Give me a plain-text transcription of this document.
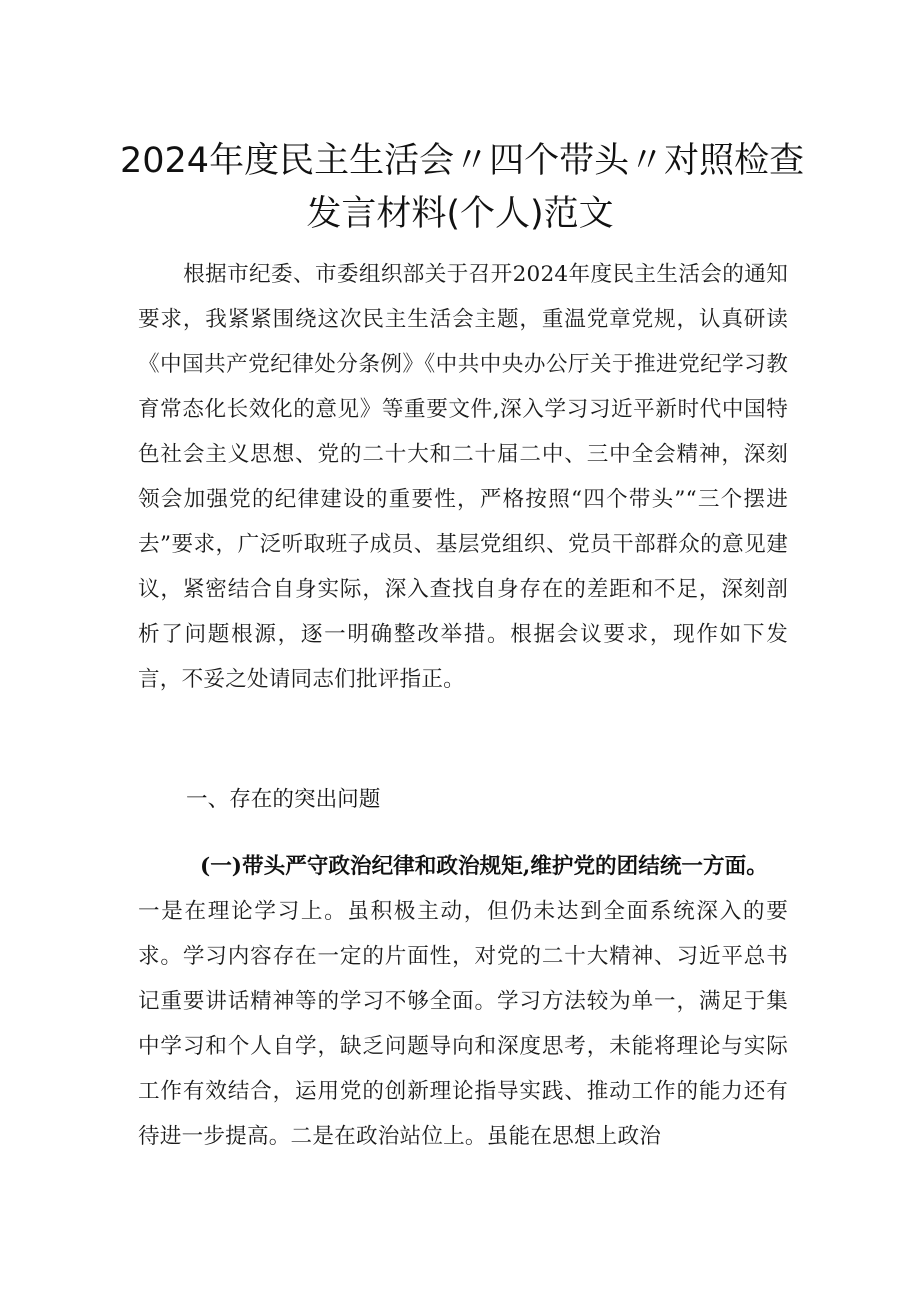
2024年度民主生活会〃四个带头〃对照检查
发言材料(个人)范文
根据市纪委、市委组织部关于召开2024年度民主生活会的通知要求，我紧紧围绕这次民主生活会主题，重温党章党规，认真研读《中国共产党纪律处分条例》《中共中央办公厅关于推进党纪学习教育常态化长效化的意见》等重要文件,深入学习习近平新时代中国特色社会主义思想、党的二十大和二十届二中、三中全会精神，深刻领会加强党的纪律建设的重要性，严格按照“四个带头”“三个摆进去”要求，广泛听取班子成员、基层党组织、党员干部群众的意见建议，紧密结合自身实际，深入查找自身存在的差距和不足，深刻剖析了问题根源，逐一明确整改举措。根据会议要求，现作如下发言，不妥之处请同志们批评指正。
一、存在的突出问题
(一)带头严守政治纪律和政治规矩,维护党的团结统一方面。
一是在理论学习上。虽积极主动，但仍未达到全面系统深入的要求。学习内容存在一定的片面性，对党的二十大精神、习近平总书记重要讲话精神等的学习不够全面。学习方法较为单一，满足于集中学习和个人自学，缺乏问题导向和深度思考，未能将理论与实际工作有效结合，运用党的创新理论指导实践、推动工作的能力还有待进一步提高。二是在政治站位上。虽能在思想上政治
